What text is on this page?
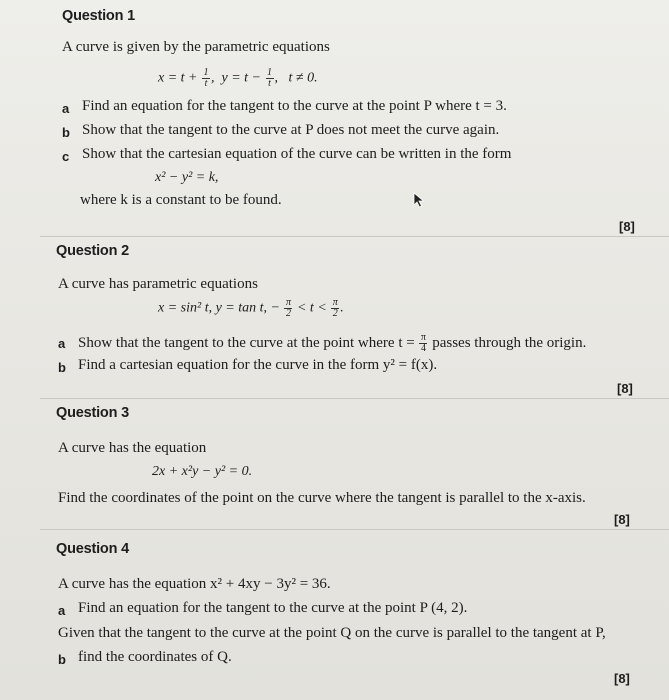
Question 1
A curve is given by the parametric equations
$x = t + \frac{1}{t}$ ,  $y = t - \frac{1}{t}$ ,   t ≠ 0.
a Find an equation for the tangent to the curve at the point P where t = 3.
b Show that the tangent to the curve at P does not meet the curve again.
c Show that the cartesian equation of the curve can be written in the form
x² − y² = k,
where k is a constant to be found.
[8]
Question 2
A curve has parametric equations
x = sin² t, y = tan t, − $\frac{\pi}{2} < t < \frac{\pi}{2}$ .
a Show that the tangent to the curve at the point where $t = \frac{\pi}{4}$ passes through the origin.
b Find a cartesian equation for the curve in the form y² = f(x).
[8]
Question 3
A curve has the equation
2x + x²y − y² = 0.
Find the coordinates of the point on the curve where the tangent is parallel to the x-axis.
[8]
Question 4
A curve has the equation x² + 4xy − 3y² = 36.
a Find an equation for the tangent to the curve at the point P (4, 2).
Given that the tangent to the curve at the point Q on the curve is parallel to the tangent at P,
b find the coordinates of Q.
[8]
